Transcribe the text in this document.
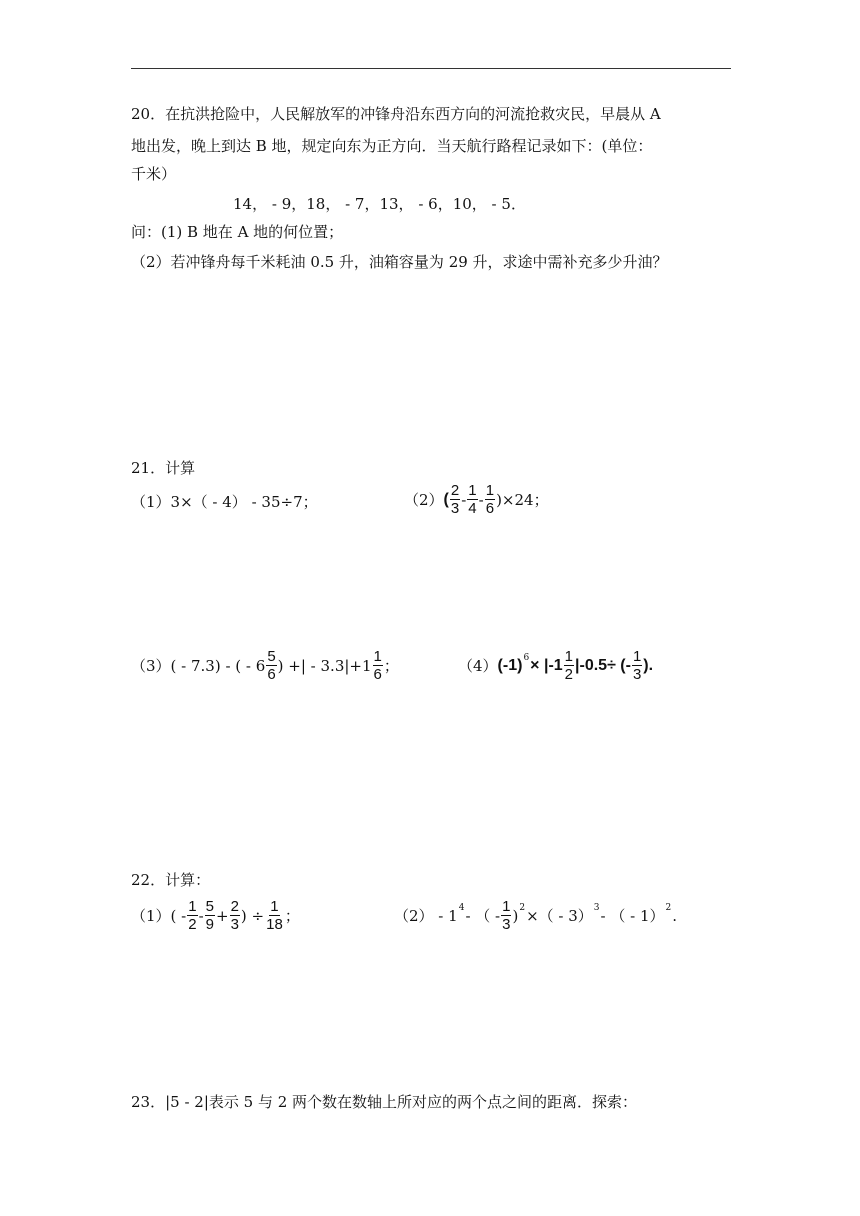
20．在抗洪抢险中，人民解放军的冲锋舟沿东西方向的河流抢救灾民，早晨从 A
地出发，晚上到达 B 地，规定向东为正方向．当天航行路程记录如下：(单位：
千米）
14， - 9，18， - 7，13， - 6，10， - 5．
问：(1) B 地在 A 地的何位置；
（2）若冲锋舟每千米耗油 0.5 升，油箱容量为 29 升，求途中需补充多少升油？
21．计算
（1）3×（ - 4） - 35÷7；	（2） ( $\frac{2}{3} - \frac{1}{4} - \frac{1}{6} )\times 24$；
（3）( - 7.3) - ( - $6 \frac{5}{6}$ ) +| - $3.3|+1 \frac{1}{6}$ ；	（4） (-1) $6 \times |-1 \frac{1}{2} |-0.5\div$ (- $\frac{1}{3}$ ).
22．计算：
$(1)( - \frac{1}{2} - \frac{5}{9} + \frac{2}{3}$ ) ÷ $\frac{1}{18}$ ；	（2） - 1 4 - （ - $\frac{1}{3}$ ) 2 ×（ - 3） 3 - （ - 1） 2 .
23．|5 - 2|表示 5 与 2 两个数在数轴上所对应的两个点之间的距离．探索：
